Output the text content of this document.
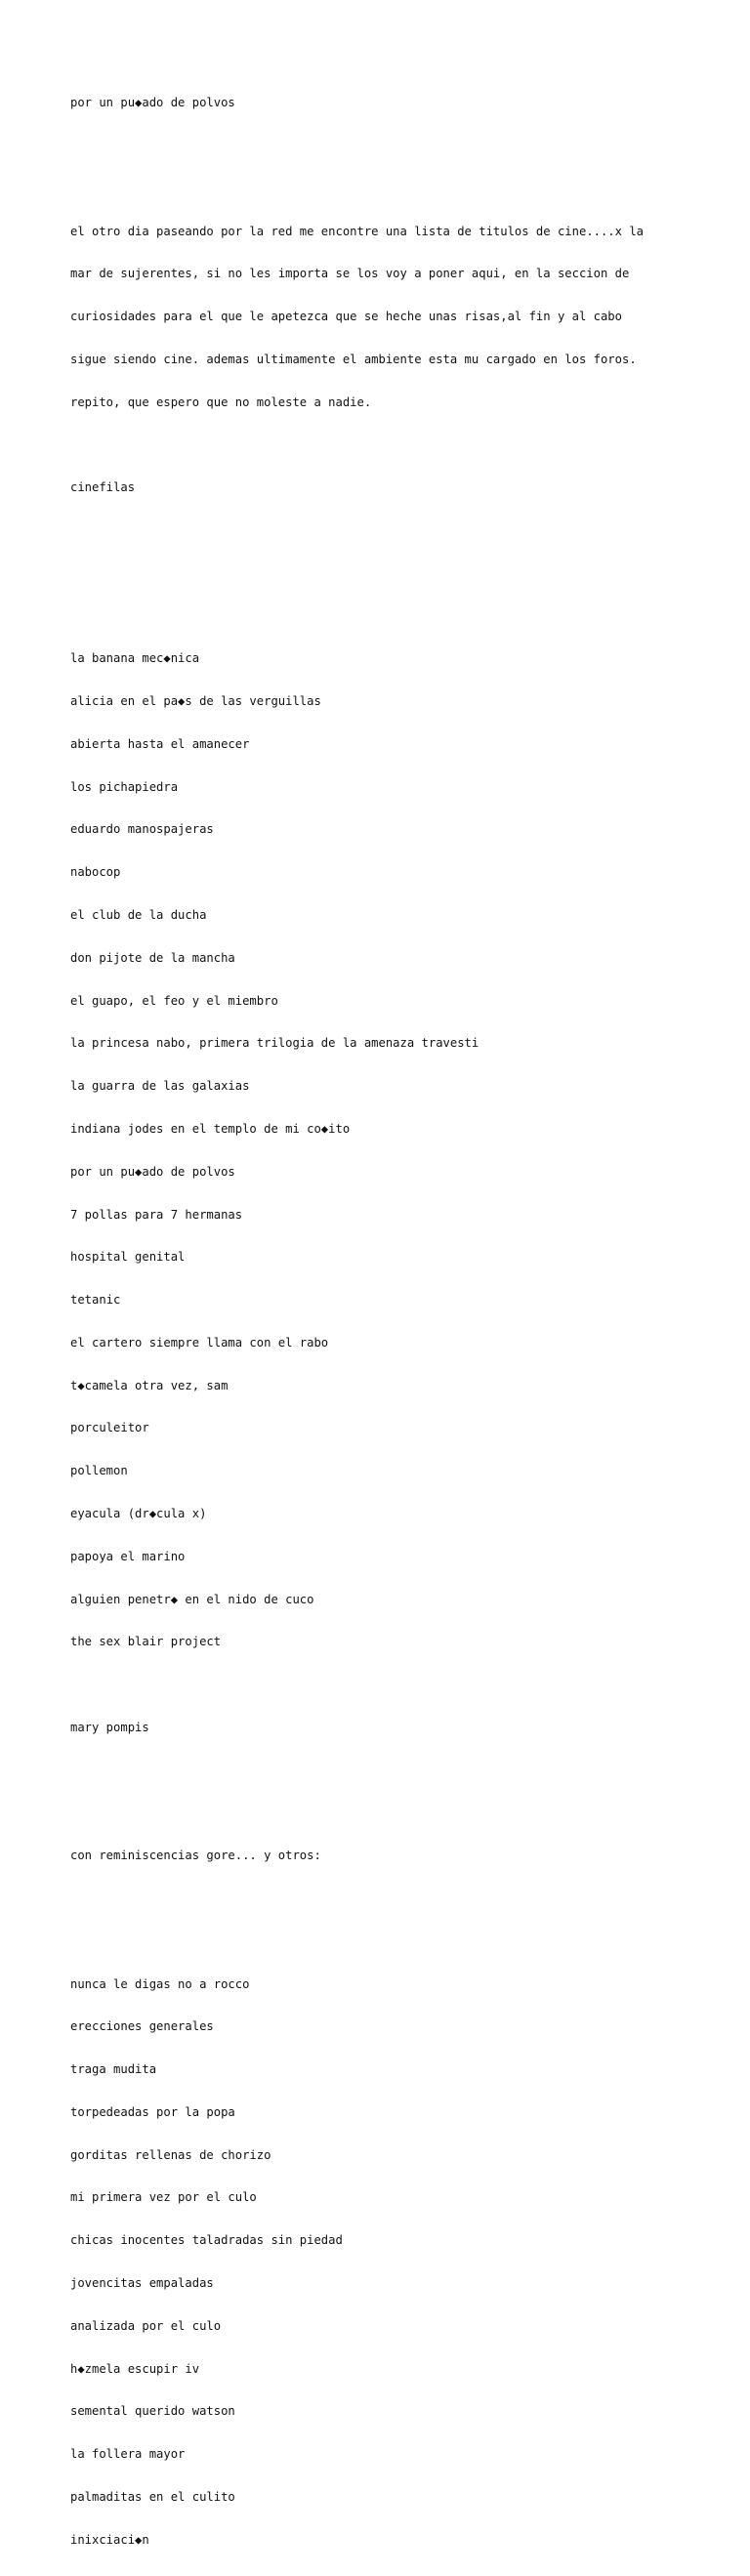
por un pu◆ado de polvos

el otro dia paseando por la red me encontre una lista de titulos de cine....x la

mar de sujerentes, si no les importa se los voy a poner aqui, en la seccion de

curiosidades para el que le apetezca que se heche unas risas,al fin y al cabo

sigue siendo cine. ademas ultimamente el ambiente esta mu cargado en los foros.

repito, que espero que no moleste a nadie.

cinefilas

la banana mec◆nica

alicia en el pa◆s de las verguillas

abierta hasta el amanecer

los pichapiedra

eduardo manospajeras

nabocop

el club de la ducha

don pijote de la mancha

el guapo, el feo y el miembro

la princesa nabo, primera trilogia de la amenaza travesti

la guarra de las galaxias

indiana jodes en el templo de mi co◆ito

por un pu◆ado de polvos

7 pollas para 7 hermanas

hospital genital

tetanic

el cartero siempre llama con el rabo

t◆camela otra vez, sam

porculeitor

pollemon

eyacula (dr◆cula x)

papoya el marino

alguien penetr◆ en el nido de cuco

the sex blair project

mary pompis

con reminiscencias gore... y otros:

nunca le digas no a rocco

erecciones generales

traga mudita

torpedeadas por la popa

gorditas rellenas de chorizo

mi primera vez por el culo

chicas inocentes taladradas sin piedad

jovencitas empaladas

analizada por el culo

h◆zmela escupir iv

semental querido watson

la follera mayor

palmaditas en el culito

inixciaci◆n
